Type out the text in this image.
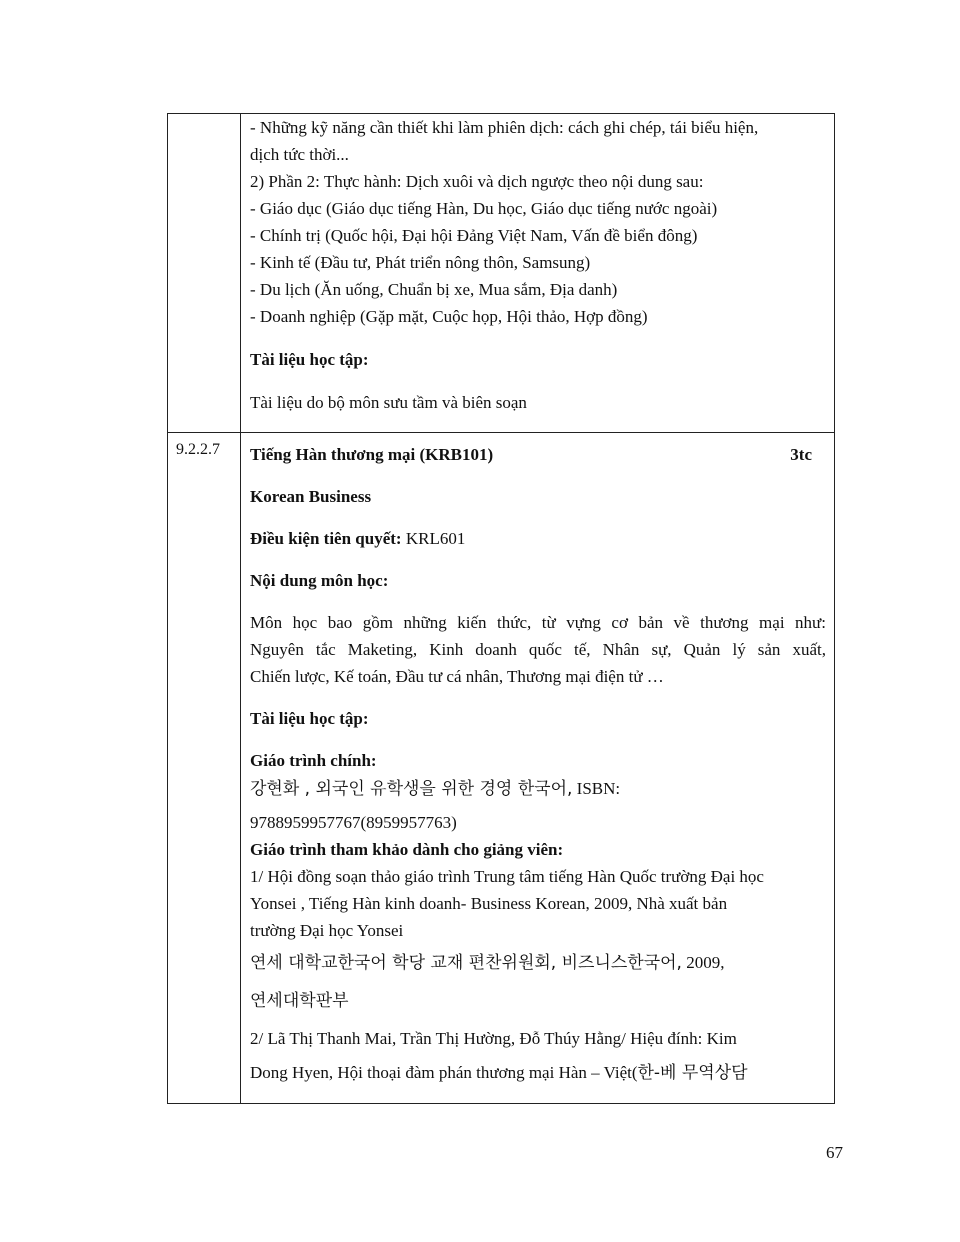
- Những kỹ năng cần thiết khi làm phiên dịch: cách ghi chép, tái biểu hiện,
dịch tức thời...
2) Phần 2: Thực hành: Dịch xuôi và dịch ngược theo nội dung sau:
- Giáo dục (Giáo dục tiếng Hàn, Du học, Giáo dục tiếng nước ngoài)
- Chính trị (Quốc hội, Đại hội Đảng Việt Nam, Vấn đề biển đông)
- Kinh tế (Đầu tư, Phát triển nông thôn, Samsung)
- Du lịch (Ăn uống, Chuẩn bị xe, Mua sắm, Địa danh)
- Doanh nghiệp (Gặp mặt, Cuộc họp, Hội thảo, Hợp đồng)
Tài liệu học tập:
Tài liệu do bộ môn sưu tầm và biên soạn
9.2.2.7 Tiếng Hàn thương mại (KRB101)	3tc
Korean Business
Điều kiện tiên quyết: KRL601
Nội dung môn học:
Môn học bao gồm những kiến thức, từ vựng cơ bản về thương mại như:
Nguyên tắc Maketing, Kinh doanh quốc tế, Nhân sự, Quản lý sản xuất,
Chiến lược, Kế toán, Đầu tư cá nhân, Thương mại điện tử …
Tài liệu học tập:
Giáo trình chính:
강현화 , 외국인 유학생을 위한 경영 한국어, ISBN:
9788959957767(8959957763)
Giáo trình tham khảo dành cho giảng viên:
1/ Hội đồng soạn thảo giáo trình Trung tâm tiếng Hàn Quốc trường Đại học
Yonsei , Tiếng Hàn kinh doanh- Business Korean, 2009, Nhà xuất bản
trường Đại học Yonsei
연세 대학교한국어 학당 교재 편찬위원회, 비즈니스한국어, 2009,
연세대학판부
2/ Lã Thị Thanh Mai, Trần Thị Hường, Đỗ Thúy Hằng/ Hiệu đính: Kim
Dong Hyen, Hội thoại đàm phán thương mại Hàn – Việt(한-베 무역상담
67
